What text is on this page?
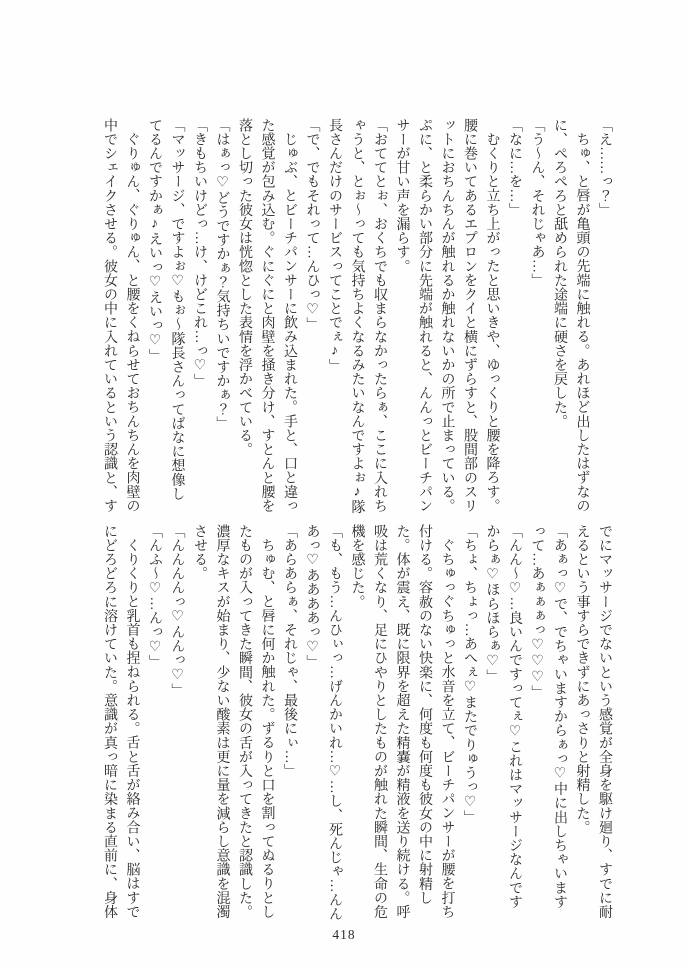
「え……っ？」

ちゅ、と唇が亀頭の先端に触れる。あれほど出したはずなのに、ぺろぺろと舐められた途端に硬さを戻した。

「う～ん、それじゃあ…」

「なに…を…」

むくりと立ち上がったと思いきや、ゆっくりと腰を降ろす。腰に巻いてあるエプロンをクイと横にずらすと、股間部のスリットにおちんちんが触れるか触れないかの所で止まっている。ぷに、と柔らかい部分に先端が触れると、んんっとビーチパンサーが甘い声を漏らす。

「おててとぉ、おくちでも収まらなかったらぁ、ここに入れちゃうと、とぉ～っても気持ちよくなるみたいなんですよぉ♪隊長さんだけのサービスってことでぇ♪」

「で、でもそれって…んひっ♡」

じゅぶ、とビーチパンサーに飲み込まれた。手と、口と違った感覚が包み込む。ぐにぐにと肉壁を掻き分け、すとんと腰を落とし切った彼女は恍惚とした表情を浮かべている。

「はぁっ♡どうですかぁ？気持ちいですかぁ？」

「きもちいけどっ…け、けどこれ…っ♡」

「マッサージ、ですよぉ♡もぉ～隊長さんってばなに想像してるんですかぁ♪えいっ♡えいっ♡」

ぐりゅん、ぐりゅん、と腰をくねらせておちんちんを肉壁の中でシェイクさせる。彼女の中に入れているという認識と、す

でにマッサージでないという感覚が全身を駆け廻り、すでに耐えるという事すらできずにあっさりと射精した。

「あぁっ♡で、でちゃいますからぁっ♡中に出しちゃいますって…あぁぁぁっ♡♡♡」

「んん～♡…良いんですってぇ♡これはマッサージなんですからぁ♡ほらほらぁ♡」

「ちょ、ちょっ…あへぇ♡またでりゅうっ♡」

ぐちゅっぐちゅっと水音を立て、ビーチパンサーが腰を打ち付ける。容赦のない快楽に、何度も何度も彼女の中に射精した。体が震え、既に限界を超えた精嚢が精液を送り続ける。呼吸は荒くなり、足にひやりとしたものが触れた瞬間、生命の危機を感じた。

「も、もう…んひぃっ…げんかいれ…♡…し、死んじゃ…んんあっ♡ああああっ♡」

「あらあらぁ、それじゃ、最後にぃ…」

ちゅむ、と唇に何か触れた。ずるりと口を割ってぬるりとしたものが入ってきた瞬間、彼女の舌が入ってきたと認識した。濃厚なキスが始まり、少ない酸素は更に量を減らし意識を混濁させる。

「んんんんっ♡んんっ♡」

「んふ～♡…んっ♡」

くりくりと乳首も捏ねられる。舌と舌が絡み合い、脳はすでにどろどろに溶けていた。意識が真っ暗に染まる直前に、身体

418
